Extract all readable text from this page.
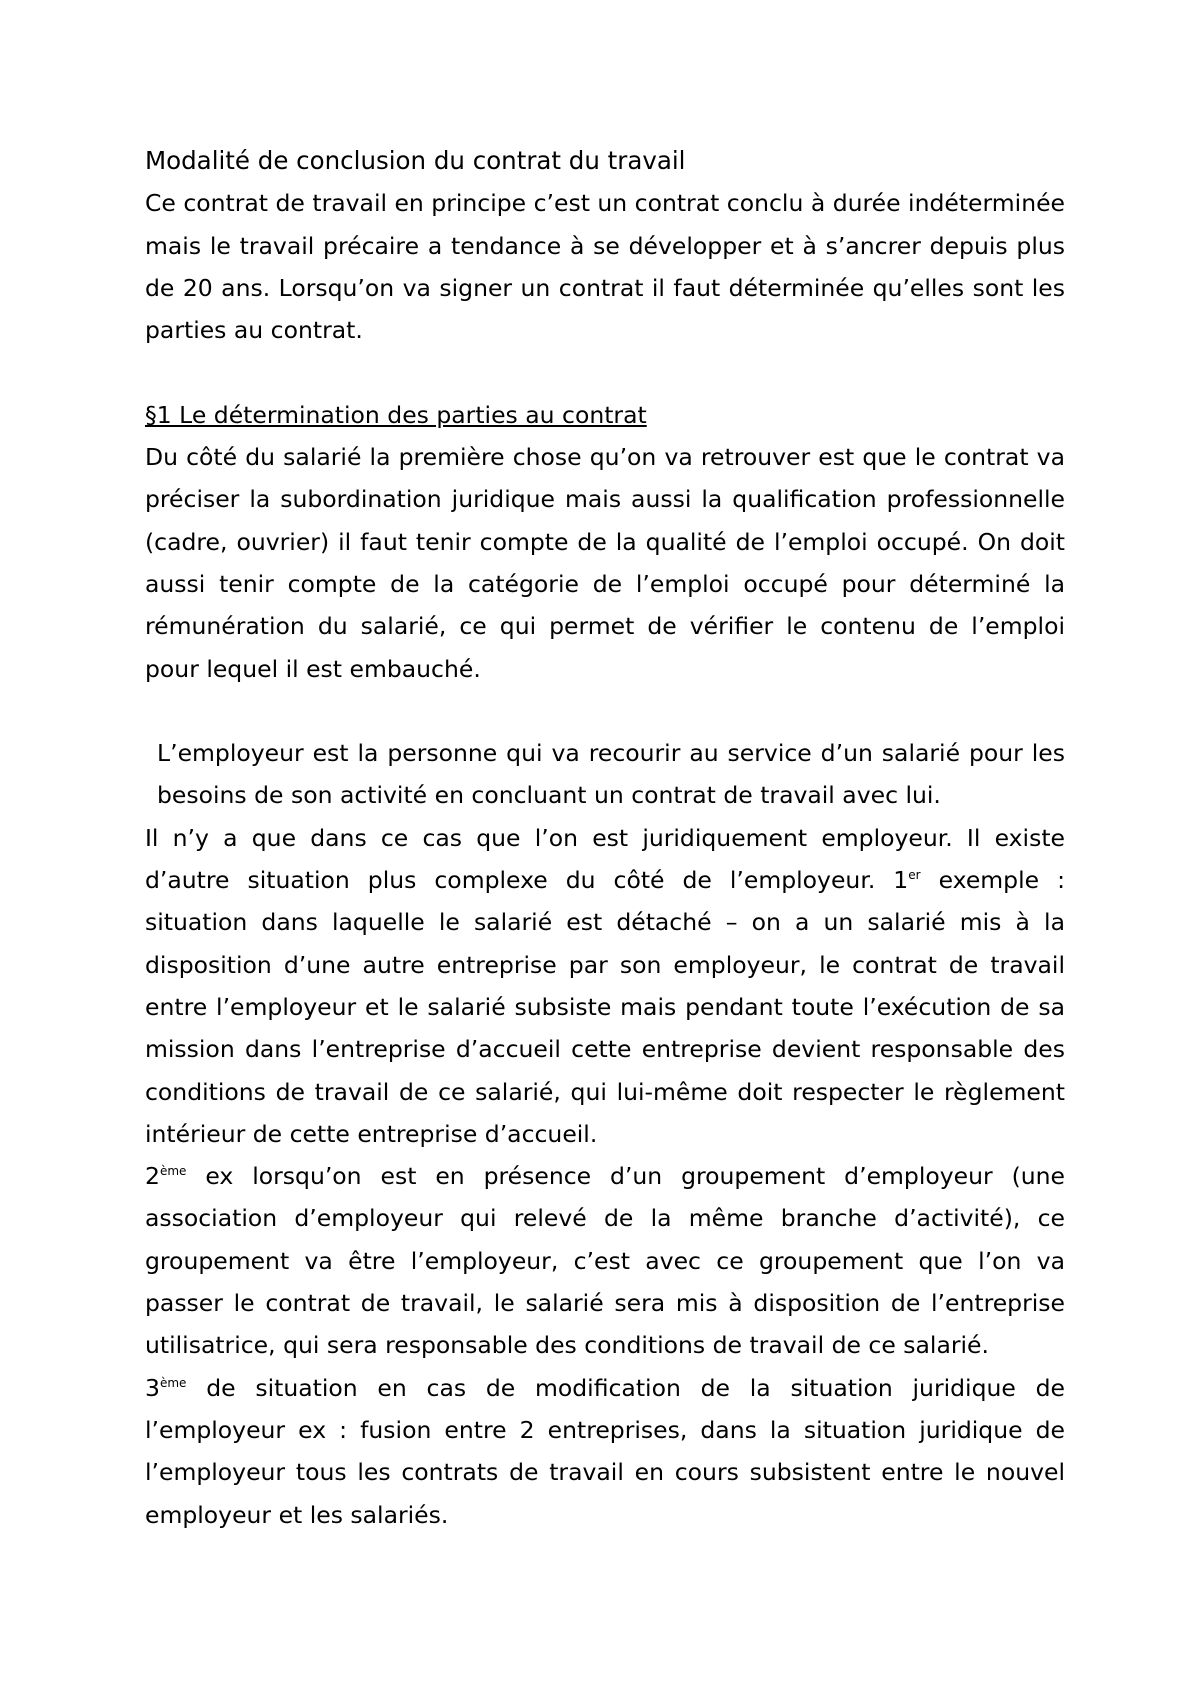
Modalité de conclusion du contrat du travail

Ce contrat de travail en principe c’est un contrat conclu à durée indéterminée mais le travail précaire a tendance à se développer et à s’ancrer depuis plus de 20 ans. Lorsqu’on va signer un contrat il faut déterminée qu’elles sont les parties au contrat.

§1 Le détermination des parties au contrat

Du côté du salarié la première chose qu’on va retrouver est que le contrat va préciser la subordination juridique mais aussi la qualification professionnelle (cadre, ouvrier) il faut tenir compte de la qualité de l’emploi occupé. On doit aussi tenir compte de la catégorie de l’emploi occupé pour déterminé la rémunération du salarié, ce qui permet de vérifier le contenu de l’emploi pour lequel il est embauché.

L’employeur est la personne qui va recourir au service d’un salarié pour les besoins de son activité en concluant un contrat de travail avec lui.

Il n’y a que dans ce cas que l’on est juridiquement employeur. Il existe d’autre situation plus complexe du côté de l’employeur. 1er exemple : situation dans laquelle le salarié est détaché – on a un salarié mis à la disposition d’une autre entreprise par son employeur, le contrat de travail entre l’employeur et le salarié subsiste mais pendant toute l’exécution de sa mission dans l’entreprise d’accueil cette entreprise devient responsable des conditions de travail de ce salarié, qui lui-même doit respecter le règlement intérieur de cette entreprise d’accueil.

2ème ex lorsqu’on est en présence d’un groupement d’employeur (une association d’employeur qui relevé de la même branche d’activité), ce groupement va être l’employeur, c’est avec ce groupement que l’on va passer le contrat de travail, le salarié sera mis à disposition de l’entreprise utilisatrice, qui sera responsable des conditions de travail de ce salarié.

3ème de situation en cas de modification de la situation juridique de l’employeur ex : fusion entre 2 entreprises, dans la situation juridique de l’employeur tous les contrats de travail en cours subsistent entre le nouvel employeur et les salariés.
